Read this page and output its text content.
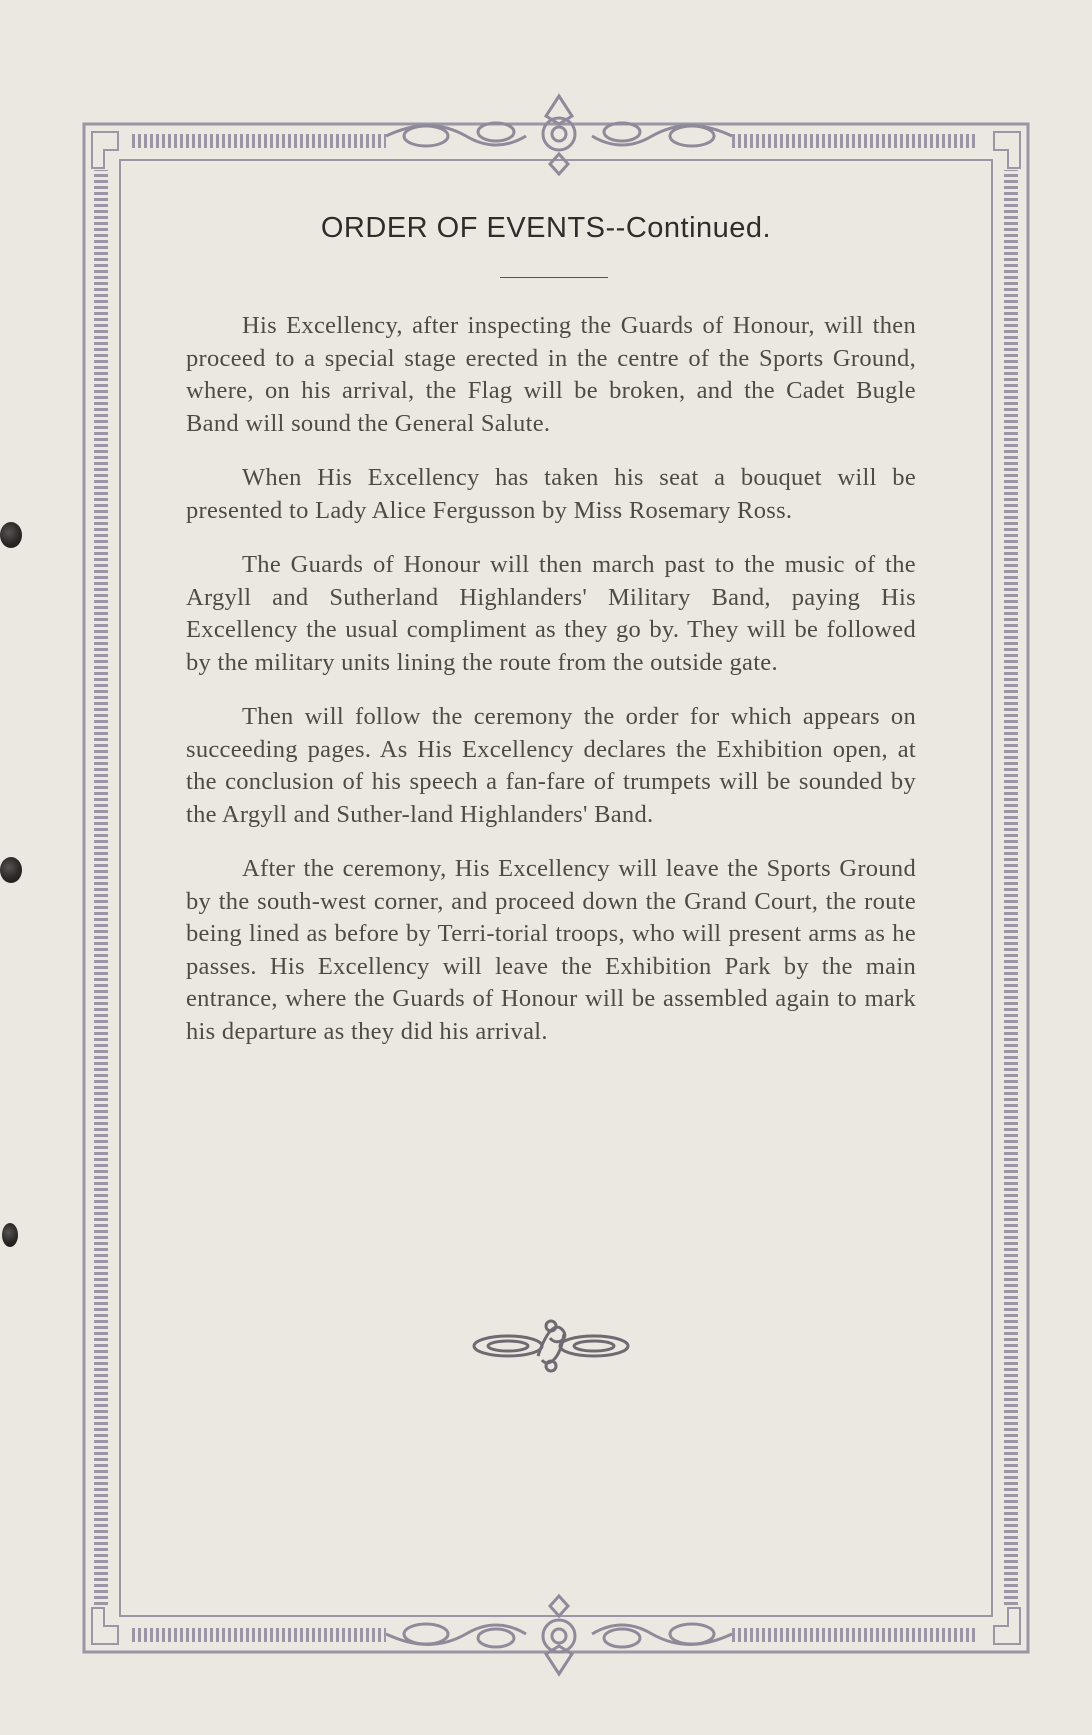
ORDER OF EVENTS--Continued.

His Excellency, after inspecting the Guards of Honour, will then proceed to a special stage erected in the centre of the Sports Ground, where, on his arrival, the Flag will be broken, and the Cadet Bugle Band will sound the General Salute.

When His Excellency has taken his seat a bouquet will be presented to Lady Alice Fergusson by Miss Rosemary Ross.

The Guards of Honour will then march past to the music of the Argyll and Sutherland Highlanders' Military Band, paying His Excellency the usual compliment as they go by. They will be followed by the military units lining the route from the outside gate.

Then will follow the ceremony the order for which appears on succeeding pages. As His Excellency declares the Exhibition open, at the conclusion of his speech a fan-fare of trumpets will be sounded by the Argyll and Suther-land Highlanders' Band.

After the ceremony, His Excellency will leave the Sports Ground by the south-west corner, and proceed down the Grand Court, the route being lined as before by Terri-torial troops, who will present arms as he passes. His Excellency will leave the Exhibition Park by the main entrance, where the Guards of Honour will be assembled again to mark his departure as they did his arrival.
